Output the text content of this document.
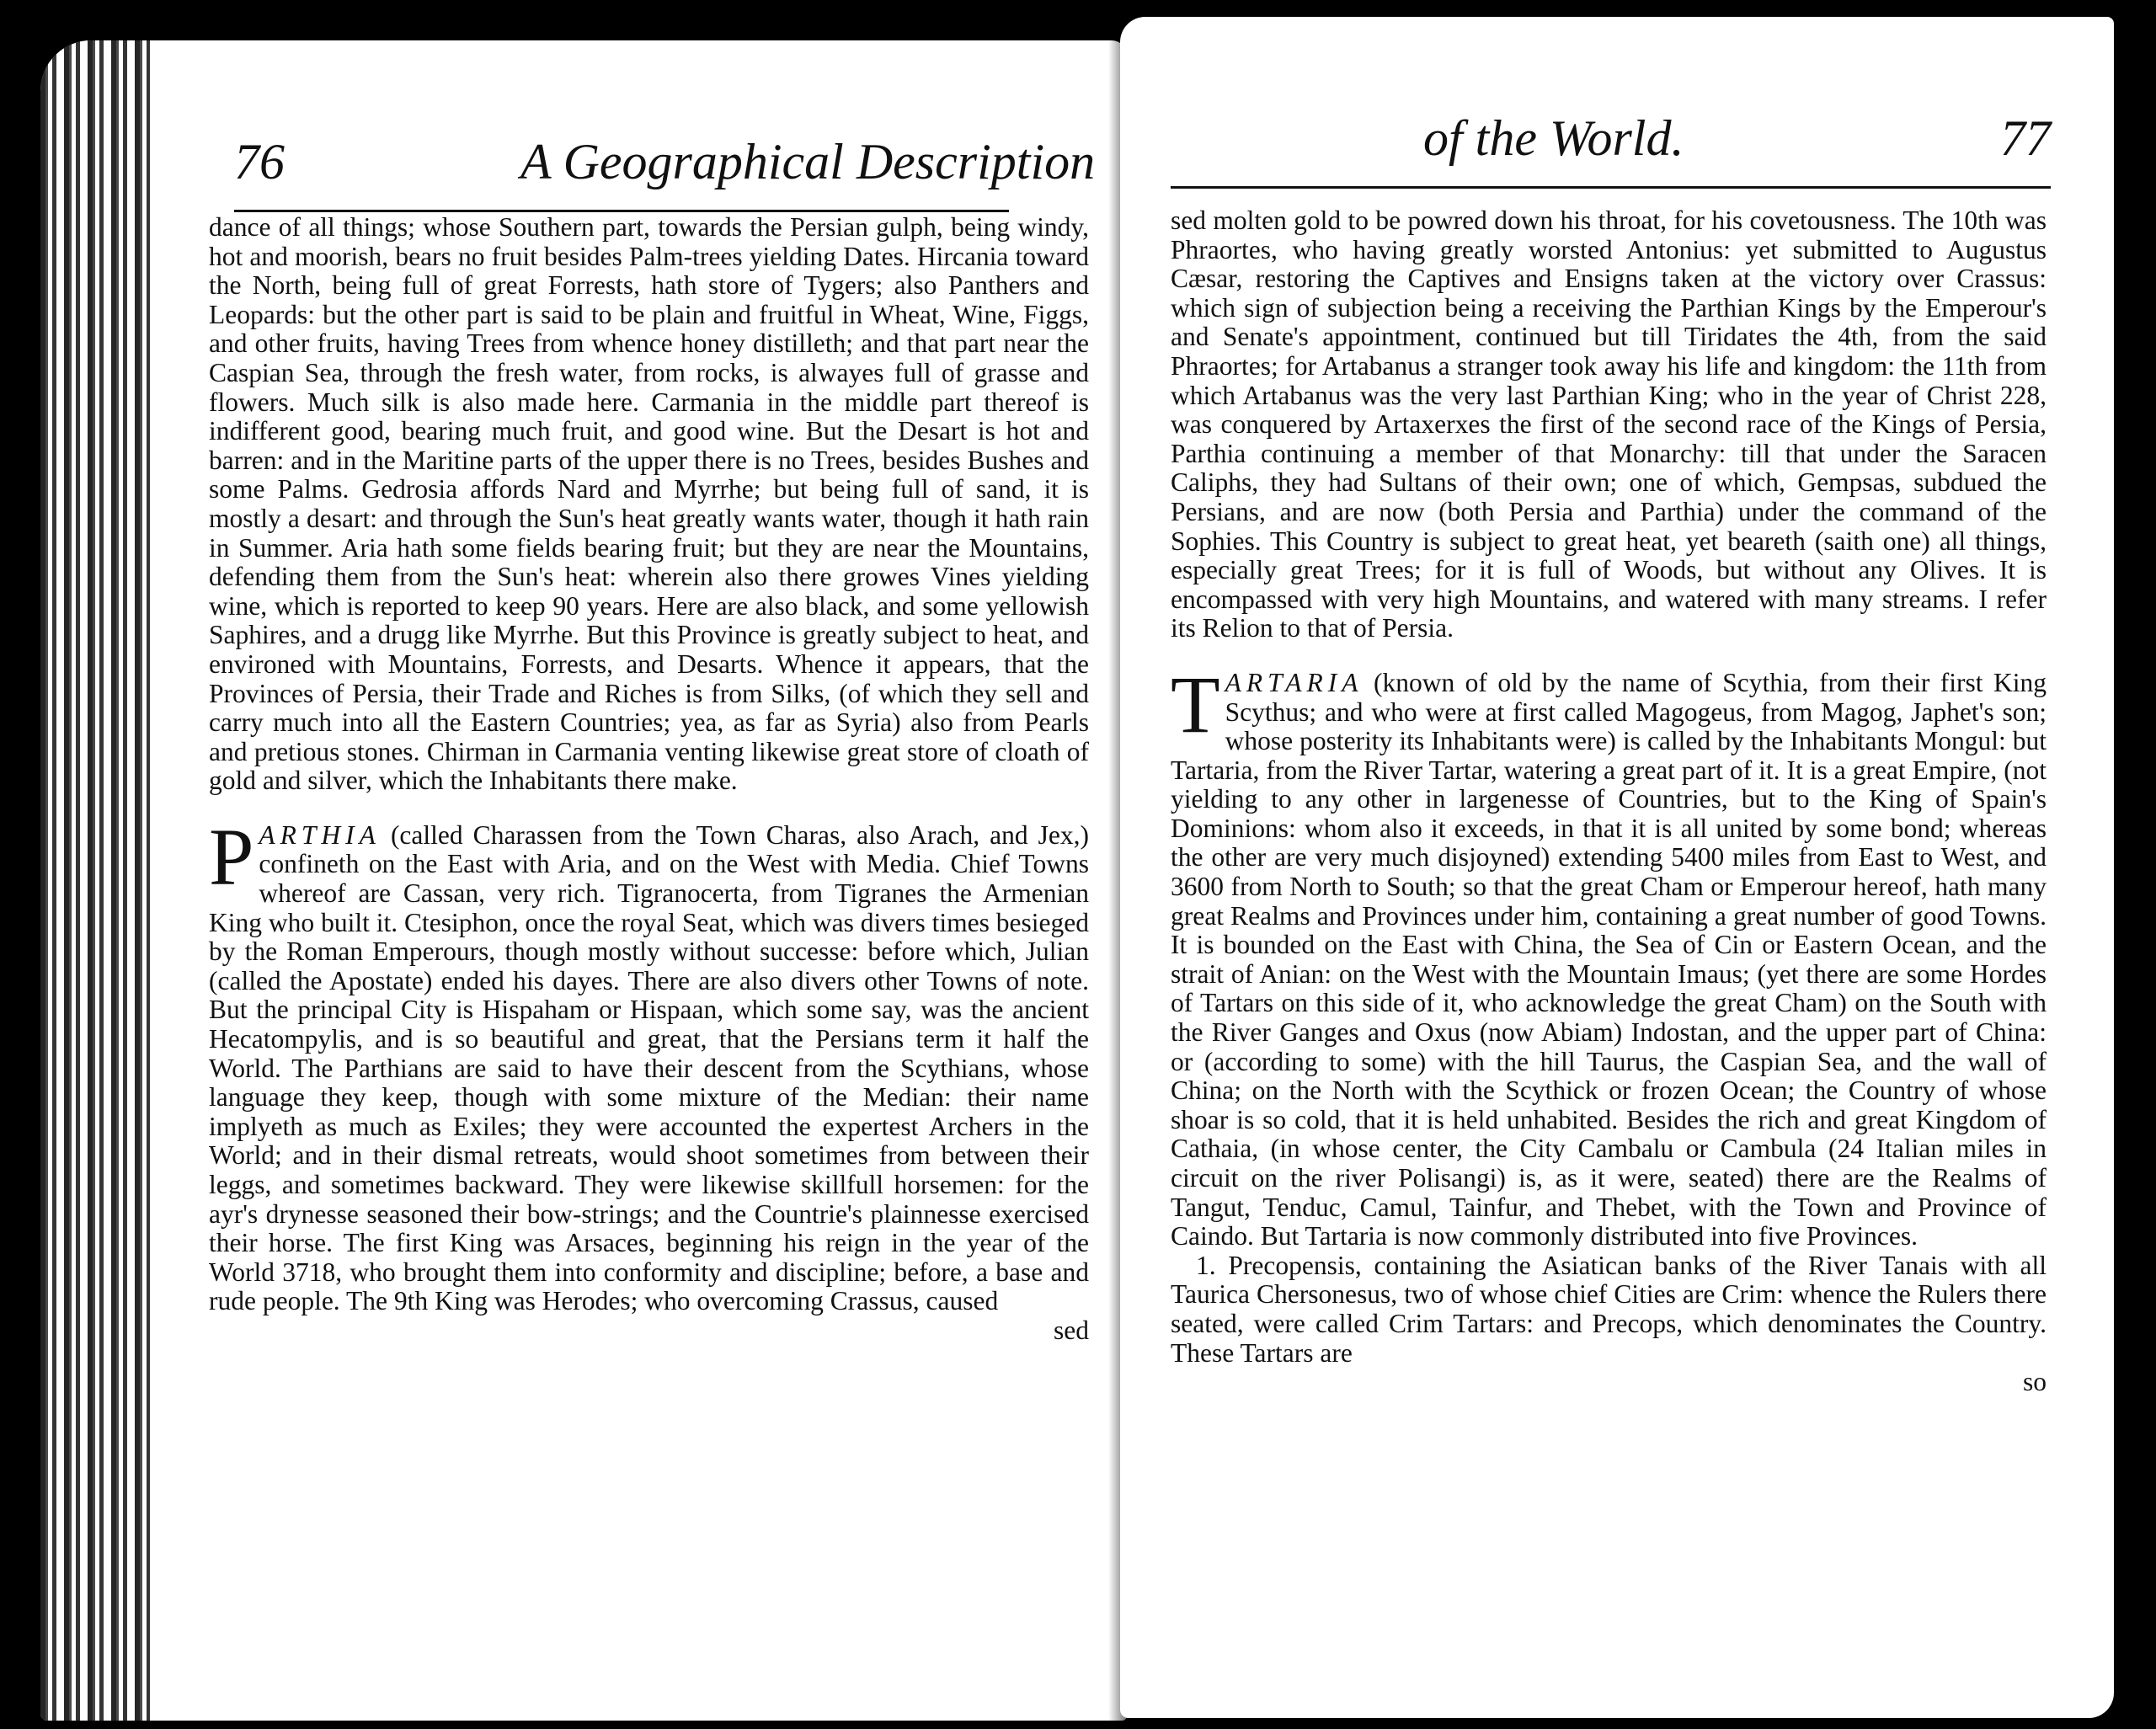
76	A Geographical Description

dance of all things; whose Southern part, towards the Persian gulph, being windy, hot and moorish, bears no fruit besides Palm-trees yielding Dates. Hircania toward the North, being full of great Forrests, hath store of Tygers; also Panthers and Leopards: but the other part is said to be plain and fruitful in Wheat, Wine, Figgs, and other fruits, having Trees from whence honey distilleth; and that part near the Caspian Sea, through the fresh water, from rocks, is alwayes full of grasse and flowers. Much silk is also made here. Carmania in the middle part thereof is indifferent good, bearing much fruit, and good wine. But the Desart is hot and barren: and in the Maritine parts of the upper there is no Trees, besides Bushes and some Palms. Gedrosia affords Nard and Myrrhe; but being full of sand, it is mostly a desart: and through the Sun's heat greatly wants water, though it hath rain in Summer. Aria hath some fields bearing fruit; but they are near the Mountains, defending them from the Sun's heat: wherein also there growes Vines yielding wine, which is reported to keep 90 years. Here are also black, and some yellowish Saphires, and a drugg like Myrrhe. But this Province is greatly subject to heat, and environed with Mountains, Forrests, and Desarts. Whence it appears, that the Provinces of Persia, their Trade and Riches is from Silks, (of which they sell and carry much into all the Eastern Countries; yea, as far as Syria) also from Pearls and pretious stones. Chirman in Carmania venting likewise great store of cloath of gold and silver, which the Inhabitants there make.

P ARTHIA (called Charassen from the Town Charas, also Arach, and Jex,) confineth on the East with Aria, and on the West with Media. Chief Towns whereof are Cassan, very rich. Tigranocerta, from Tigranes the Armenian King who built it. Ctesiphon, once the royal Seat, which was divers times besieged by the Roman Emperours, though mostly without successe: before which, Julian (called the Apostate) ended his dayes. There are also divers other Towns of note. But the principal City is Hispaham or Hispaan, which some say, was the ancient Hecatompylis, and is so beautiful and great, that the Persians term it half the World. The Parthians are said to have their descent from the Scythians, whose language they keep, though with some mixture of the Median: their name implyeth as much as Exiles; they were accounted the expertest Archers in the World; and in their dismal retreats, would shoot sometimes from between their leggs, and sometimes backward. They were likewise skillfull horsemen: for the ayr's drynesse seasoned their bow-strings; and the Countrie's plainnesse exercised their horse. The first King was Arsaces, beginning his reign in the year of the World 3718, who brought them into conformity and discipline; before, a base and rude people. The 9th King was Herodes; who overcoming Crassus, caused

sed

of the World.	77

sed molten gold to be powred down his throat, for his covetousness. The 10th was Phraortes, who having greatly worsted Antonius: yet submitted to Augustus Cæsar, restoring the Captives and Ensigns taken at the victory over Crassus: which sign of subjection being a receiving the Parthian Kings by the Emperour's and Senate's appointment, continued but till Tiridates the 4th, from the said Phraortes; for Artabanus a stranger took away his life and kingdom: the 11th from which Artabanus was the very last Parthian King; who in the year of Christ 228, was conquered by Artaxerxes the first of the second race of the Kings of Persia, Parthia continuing a member of that Monarchy: till that under the Saracen Caliphs, they had Sultans of their own; one of which, Gempsas, subdued the Persians, and are now (both Persia and Parthia) under the command of the Sophies. This Country is subject to great heat, yet beareth (saith one) all things, especially great Trees; for it is full of Woods, but without any Olives. It is encompassed with very high Mountains, and watered with many streams. I refer its Relion to that of Persia.

T ARTARIA (known of old by the name of Scythia, from their first King Scythus; and who were at first called Magogeus, from Magog, Japhet's son; whose posterity its Inhabitants were) is called by the Inhabitants Mongul: but Tartaria, from the River Tartar, watering a great part of it. It is a great Empire, (not yielding to any other in largenesse of Countries, but to the King of Spain's Dominions: whom also it exceeds, in that it is all united by some bond; whereas the other are very much disjoyned) extending 5400 miles from East to West, and 3600 from North to South; so that the great Cham or Emperour hereof, hath many great Realms and Provinces under him, containing a great number of good Towns. It is bounded on the East with China, the Sea of Cin or Eastern Ocean, and the strait of Anian: on the West with the Mountain Imaus; (yet there are some Hordes of Tartars on this side of it, who acknowledge the great Cham) on the South with the River Ganges and Oxus (now Abiam) Indostan, and the upper part of China: or (according to some) with the hill Taurus, the Caspian Sea, and the wall of China; on the North with the Scythick or frozen Ocean; the Country of whose shoar is so cold, that it is held unhabited. Besides the rich and great Kingdom of Cathaia, (in whose center, the City Cambalu or Cambula (24 Italian miles in circuit on the river Polisangi) is, as it were, seated) there are the Realms of Tangut, Tenduc, Camul, Tainfur, and Thebet, with the Town and Province of Caindo. But Tartaria is now commonly distributed into five Provinces.

1. Precopensis, containing the Asiatican banks of the River Tanais with all Taurica Chersonesus, two of whose chief Cities are Crim: whence the Rulers there seated, were called Crim Tartars: and Precops, which denominates the Country. These Tartars are

so
